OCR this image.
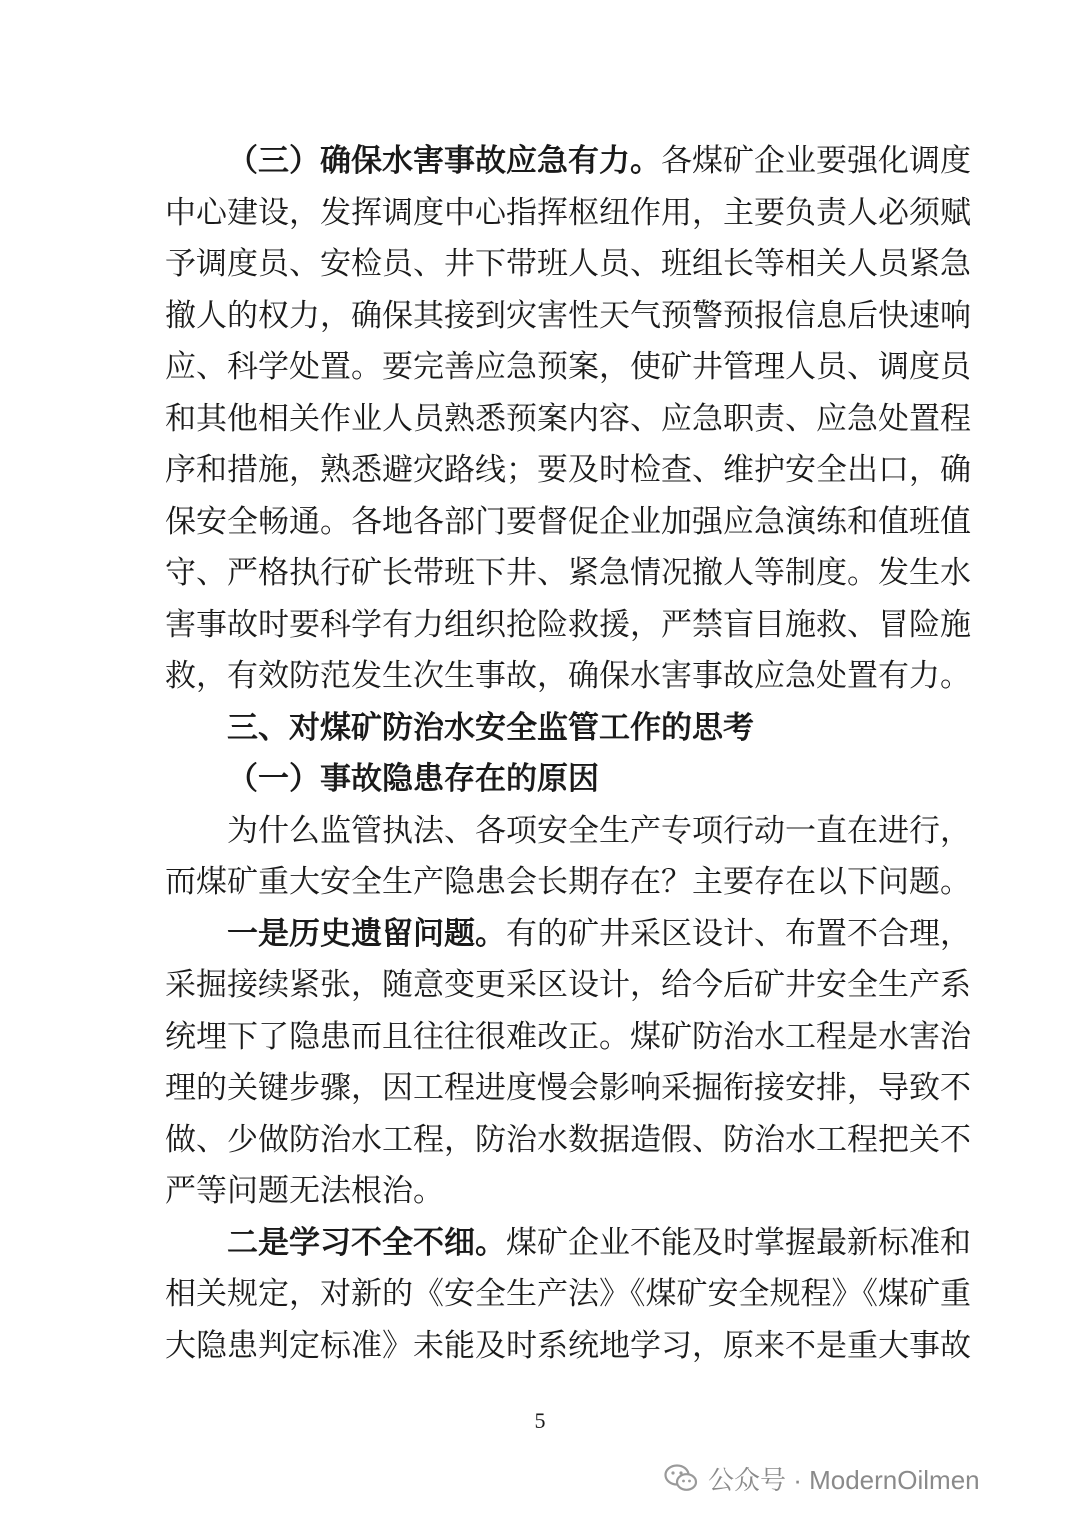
（三）确保水害事故应急有力。各煤矿企业要强化调度
中心建设，发挥调度中心指挥枢纽作用，主要负责人必须赋
予调度员、安检员、井下带班人员、班组长等相关人员紧急
撤人的权力，确保其接到灾害性天气预警预报信息后快速响
应、科学处置。要完善应急预案，使矿井管理人员、调度员
和其他相关作业人员熟悉预案内容、应急职责、应急处置程
序和措施，熟悉避灾路线；要及时检查、维护安全出口，确
保安全畅通。各地各部门要督促企业加强应急演练和值班值
守、严格执行矿长带班下井、紧急情况撤人等制度。发生水
害事故时要科学有力组织抢险救援，严禁盲目施救、冒险施
救，有效防范发生次生事故，确保水害事故应急处置有力。
三、对煤矿防治水安全监管工作的思考
（一）事故隐患存在的原因
为什么监管执法、各项安全生产专项行动一直在进行，
而煤矿重大安全生产隐患会长期存在？主要存在以下问题。
一是历史遗留问题。有的矿井采区设计、布置不合理，
采掘接续紧张，随意变更采区设计，给今后矿井安全生产系
统埋下了隐患而且往往很难改正。煤矿防治水工程是水害治
理的关键步骤，因工程进度慢会影响采掘衔接安排，导致不
做、少做防治水工程，防治水数据造假、防治水工程把关不
严等问题无法根治。
二是学习不全不细。煤矿企业不能及时掌握最新标准和
相关规定，对新的《安全生产法》《煤矿安全规程》《煤矿重
大隐患判定标准》未能及时系统地学习，原来不是重大事故
5
公众号 · ModernOilmen
